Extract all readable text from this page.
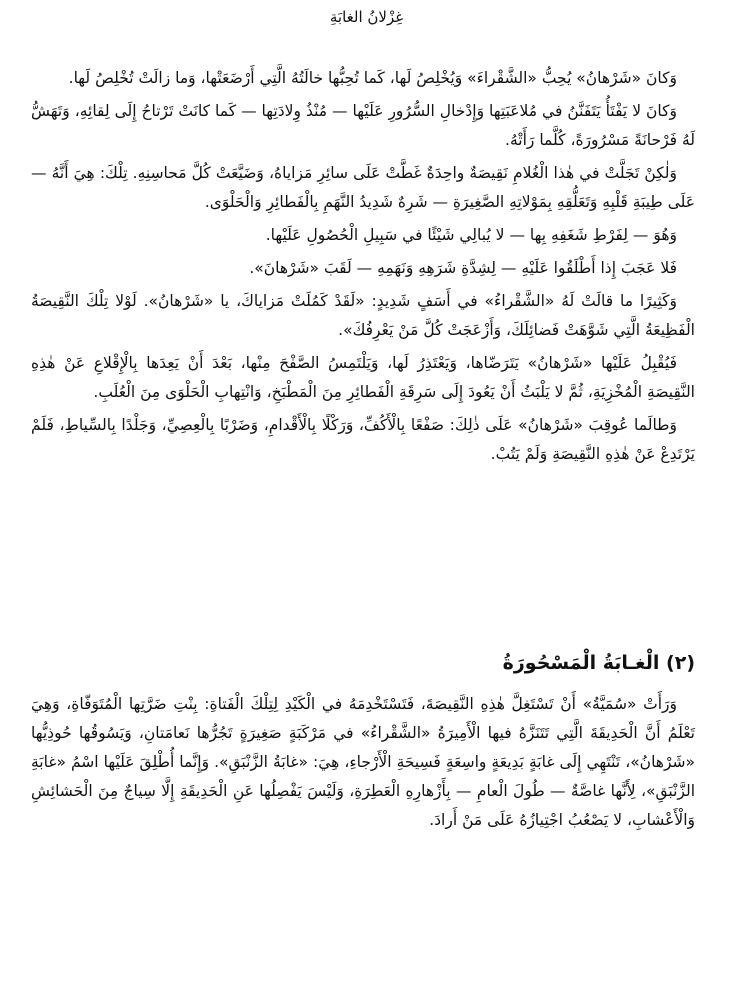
غِزْلانُ الغابَةِ

وَكانَ «شَرْهانُ» يُحِبُّ «الشَّقْراءَ» وَيُخْلِصُ لَها، كَما تُحِبُّها خالَتُهُ الَّتِي أَرْضَعَتْها، وَما زالَتْ تُخْلِصُ لَها.

وَكانَ لا يَفْتَأُ يَتَفَنَّنُ في مُلاعَبَتِها وَإِدْخالِ السُّرُورِ عَلَيْها — مُنْذُ وِلادَتِها — كَما كانَتْ تَرْتاحُ إِلَى لِقائِهِ، وَتَهَشُّ لَهُ فَرْحانَةً مَسْرُورَةً، كُلَّما رَأَتْهُ.

وَلٰكِنْ تَجَلَّتْ في هٰذا الْغُلامِ نَقِيصَةٌ واحِدَةٌ غَطَّتْ عَلَى سائِرِ مَزاياهُ، وَضَيَّعَتْ كُلَّ مَحاسِنِهِ. تِلْكَ: هِيَ أَنَّهُ — عَلَى طِيبَةِ قَلْبِهِ وَتَعَلُّقِهِ بِمَوْلاتِهِ الصَّغِيرَةِ — شَرِهٌ شَدِيدُ النَّهَمِ بِالْفَطائِرِ وَالْحَلْوَى.

وَهُوَ — لِفَرْطِ شَغَفِهِ بِها — لا يُبالِي شَيْئًا في سَبِيلِ الْحُصُولِ عَلَيْها.

فَلا عَجَبَ إِذا أَطْلَقُوا عَلَيْهِ — لِشِدَّةِ شَرَهِهِ وَنَهَمِهِ — لَقَبَ «شَرْهانَ».

وَكَثِيرًا ما قالَتْ لَهُ «الشَّقْراءُ» في أَسَفٍ شَدِيدٍ: «لَقَدْ كَمُلَتْ مَزاياكَ، يا «شَرْهانُ». لَوْلا تِلْكَ النَّقِيصَةُ الْفَظِيعَةُ الَّتِي شَوَّهَتْ فَضائِلَكَ، وَأَزْعَجَتْ كُلَّ مَنْ يَعْرِفُكَ».

فَيُقْبِلُ عَلَيْها «شَرْهانُ» يَتَرَضّاها، وَيَعْتَذِرُ لَها، وَيَلْتَمِسُ الصَّفْحَ مِنْها، بَعْدَ أَنْ يَعِدَها بِالْإِقْلاعِ عَنْ هٰذِهِ النَّقِيصَةِ الْمُخْزِيَةِ، ثُمَّ لا يَلْبَثُ أَنْ يَعُودَ إِلَى سَرِقَةِ الْفَطائِرِ مِنَ الْمَطْبَخِ، وَانْتِهابِ الْحَلْوَى مِنَ الْعُلَبِ.

وَطالَما عُوقِبَ «شَرْهانُ» عَلَى ذٰلِكَ: صَفْعًا بِالْأَكُفِّ، وَرَكْلًا بِالْأَقْدامِ، وَضَرْبًا بِالْعِصِيِّ، وَجَلْدًا بِالسِّياطِ، فَلَمْ يَرْتَدِعْ عَنْ هٰذِهِ النَّقِيصَةِ وَلَمْ يَتُبْ.

(٢) الْغـابَةُ الْمَسْحُورَةُ

وَرَأَتْ «سُمَيَّةُ» أَنْ تَسْتَغِلَّ هٰذِهِ النَّقِيصَةَ، فَتَسْتَخْدِمَهُ في الْكَيْدِ لِتِلْكَ الْفَتاةِ: بِنْتِ ضَرَّتِها الْمُتَوَفّاةِ، وَهِيَ تَعْلَمُ أَنَّ الْحَدِيقَةَ الَّتِي تَتَنَزَّهُ فيها الْأَمِيرَةُ «الشَّقْراءُ» في مَرْكَبَةٍ صَغِيرَةٍ تَجُرُّها نَعامَتانِ، وَيَسُوقُها حُوذِيُّها «شَرْهانُ»، تَنْتَهِي إِلَى غابَةٍ بَدِيعَةٍ واسِعَةٍ فَسِيحَةِ الْأَرْجاءِ، هِيَ: «غابَةُ الزَّنْبَقِ». وَإِنَّما أُطْلِقَ عَلَيْها اسْمُ «غابَةِ الزَّنْبَقِ»، لِأَنَّها غاصَّةٌ — طُولَ الْعامِ — بِأَزْهارِهِ الْعَطِرَةِ، وَلَيْسَ يَفْصِلُها عَنِ الْحَدِيقَةِ إِلَّا سِياجٌ مِنَ الْحَشائِشِ وَالْأَعْشابِ، لا يَصْعُبُ اجْتِيازُهُ عَلَى مَنْ أَرادَ.
